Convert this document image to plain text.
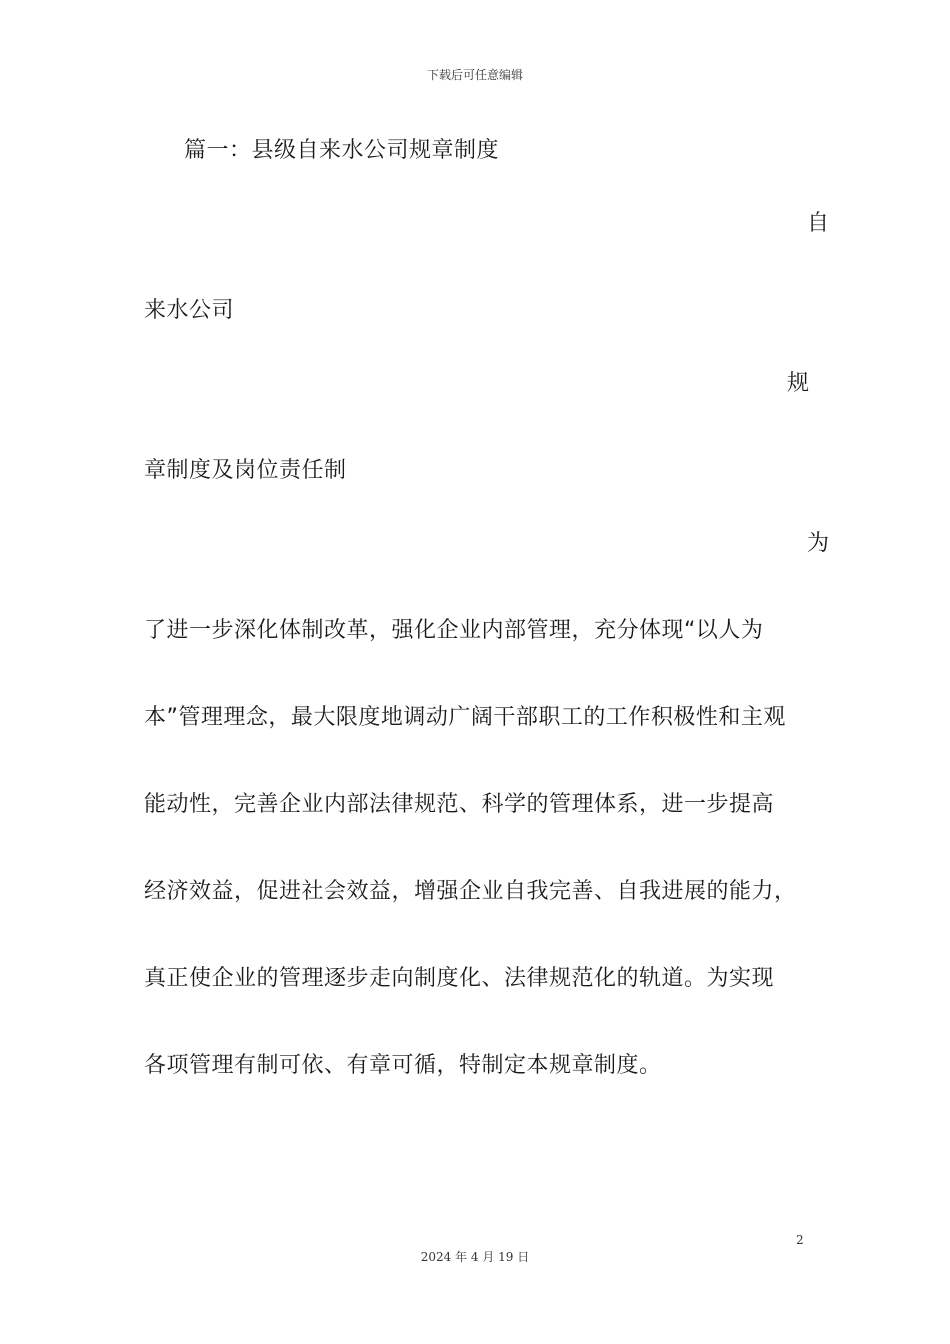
下载后可任意编辑
篇一：县级自来水公司规章制度
自
来水公司
规
章制度及岗位责任制
为
了进一步深化体制改革，强化企业内部管理，充分体现“以人为
本”管理理念，最大限度地调动广阔干部职工的工作积极性和主观
能动性，完善企业内部法律规范、科学的管理体系，进一步提高
经济效益，促进社会效益，增强企业自我完善、自我进展的能力，
真正使企业的管理逐步走向制度化、法律规范化的轨道。为实现
各项管理有制可依、有章可循，特制定本规章制度。
2
2024 年 4 月 19 日
